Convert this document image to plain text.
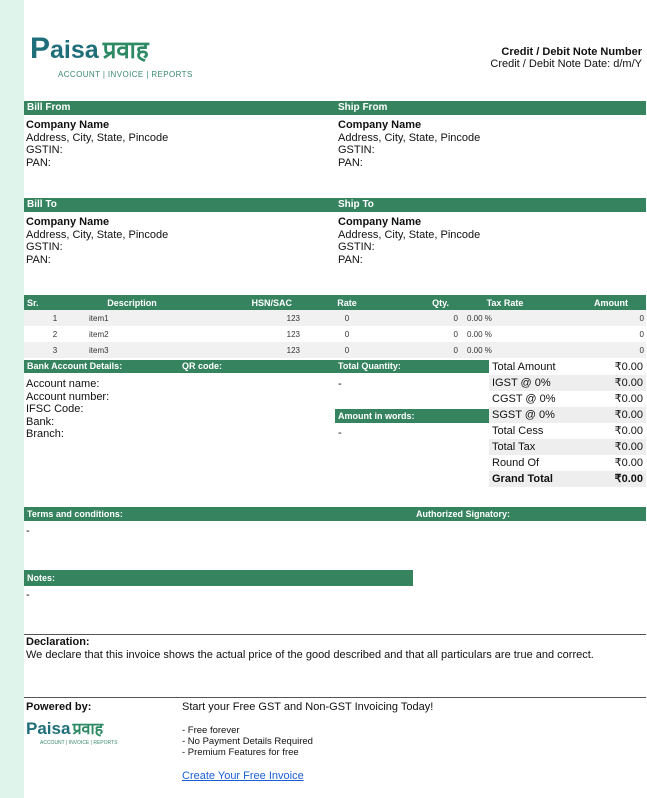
Paisa प्रवाह
ACCOUNT | INVOICE | REPORTS
Credit / Debit Note Number
Credit / Debit Note Date: d/m/Y
Bill From	Ship From
Company Name
Address, City, State, Pincode
GSTIN:
PAN:
Company Name
Address, City, State, Pincode
GSTIN:
PAN:
Bill To	Ship To
Company Name
Address, City, State, Pincode
GSTIN:
PAN:
Company Name
Address, City, State, Pincode
GSTIN:
PAN:
Sr.	Description	HSN/SAC	Rate	Qty.	Tax Rate	Amount
1	item1	123	0	0	0.00 %	0
2	item2	123	0	0	0.00 %	0
3	item3	123	0	0	0.00 %	0
Bank Account Details:	QR code:	Total Quantity:
Account name:
Account number:
IFSC Code:
Bank:
Branch:
-
Amount in words:
-
Total Amount	₹0.00
IGST @ 0%	₹0.00
CGST @ 0%	₹0.00
SGST @ 0%	₹0.00
Total Cess	₹0.00
Total Tax	₹0.00
Round Of	₹0.00
Grand Total	₹0.00
Terms and conditions:	Authorized Signatory:
-
Notes:
-
Declaration:
We declare that this invoice shows the actual price of the good described and that all particulars are true and correct.
Powered by:
Paisa प्रवाह
ACCOUNT | INVOICE | REPORTS
Start your Free GST and Non-GST Invoicing Today!
- Free forever
- No Payment Details Required
- Premium Features for free
Create Your Free Invoice
